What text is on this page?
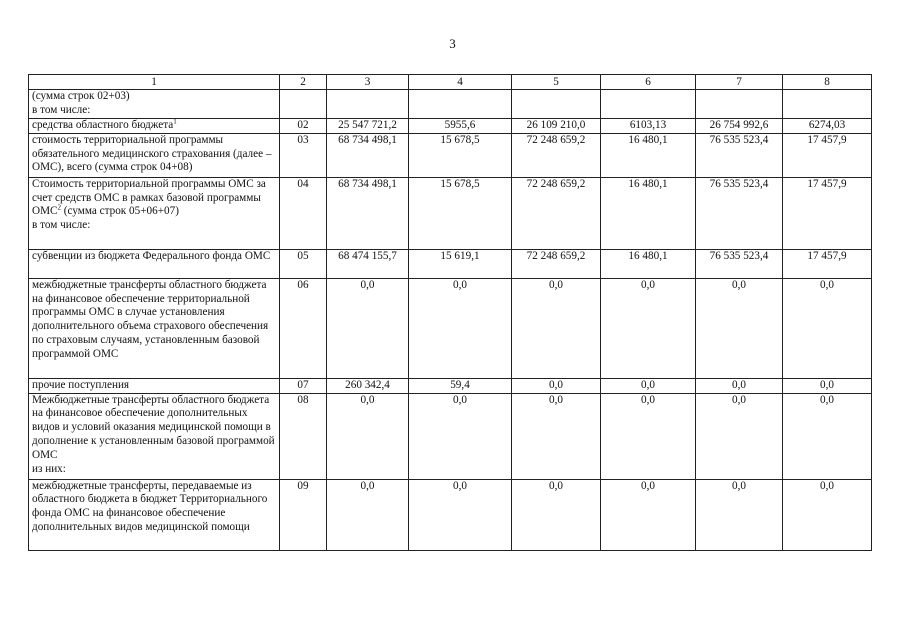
3
1	2	3	4	5	6	7	8
(сумма строк 02+03)
в том числе:							
средства областного бюджета$^1$	02	25 547 721,2	5955,6	26 109 210,0	6103,13	26 754 992,6	6274,03
стоимость территориальной программы обязательного медицинского страхования (далее – ОМС), всего (сумма строк 04+08)	03	68 734 498,1	15 678,5	72 248 659,2	16 480,1	76 535 523,4	17 457,9
Стоимость территориальной программы ОМС за счет средств ОМС в рамках базовой программы ОМС$^2$ (сумма строк 05+06+07)
в том числе:	04	68 734 498,1	15 678,5	72 248 659,2	16 480,1	76 535 523,4	17 457,9
субвенции из бюджета Федерального фонда ОМС	05	68 474 155,7	15 619,1	72 248 659,2	16 480,1	76 535 523,4	17 457,9
межбюджетные трансферты областного бюджета на финансовое обеспечение территориальной программы ОМС в случае установления дополнительного объема страхового обеспечения по страховым случаям, установленным базовой программой ОМС	06	0,0	0,0	0,0	0,0	0,0	0,0
прочие поступления	07	260 342,4	59,4	0,0	0,0	0,0	0,0
Межбюджетные трансферты областного бюджета на финансовое обеспечение дополнительных видов и условий оказания медицинской помощи в дополнение к установленным базовой программой ОМС
из них:	08	0,0	0,0	0,0	0,0	0,0	0,0
межбюджетные трансферты, передаваемые из областного бюджета в бюджет Территориального фонда ОМС на финансовое обеспечение дополнительных видов медицинской помощи	09	0,0	0,0	0,0	0,0	0,0	0,0
